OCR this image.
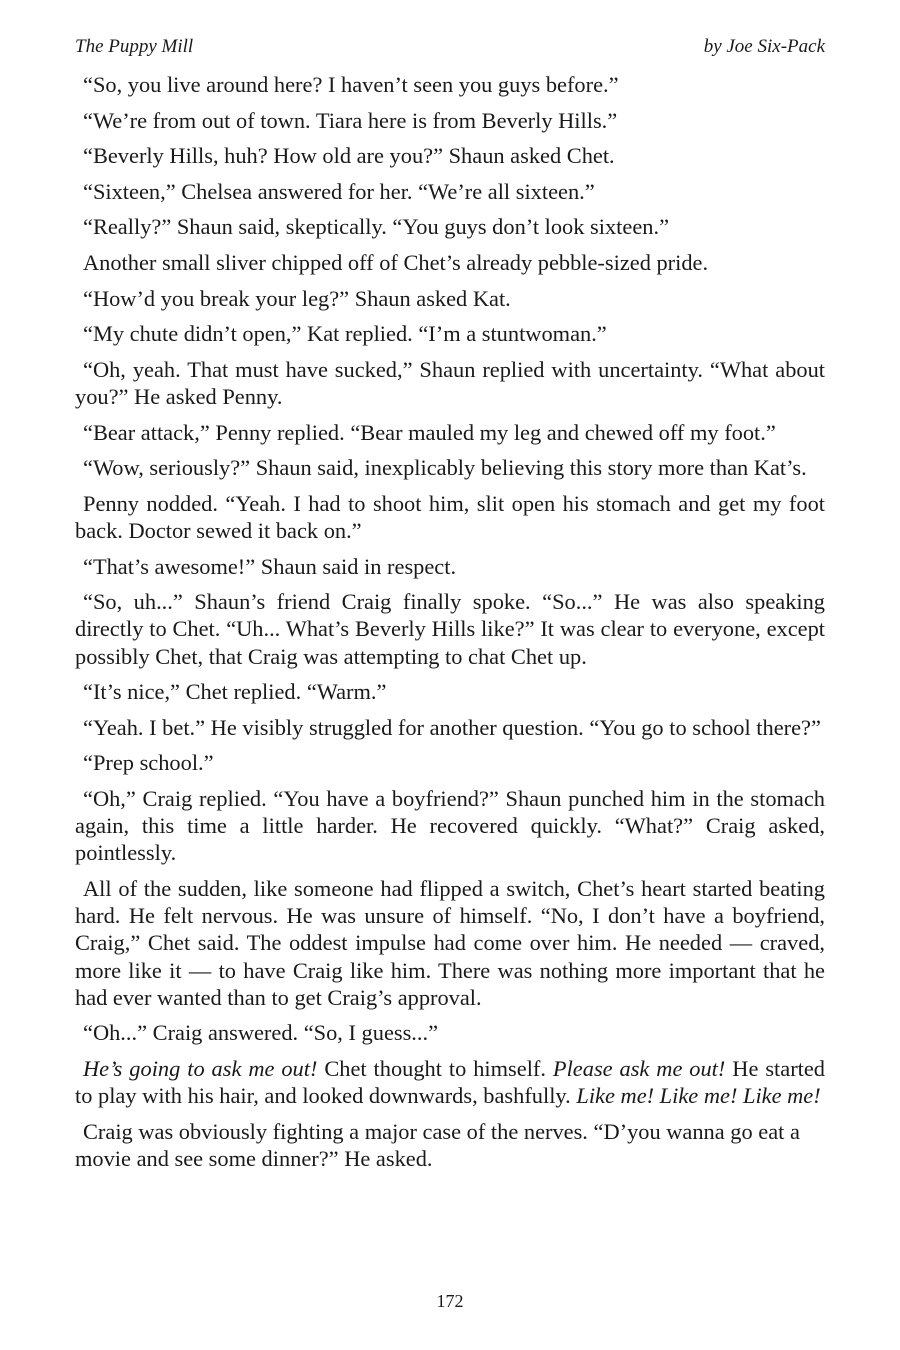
The Puppy Mill	by Joe Six-Pack

“So, you live around here? I haven’t seen you guys before.”

“We’re from out of town. Tiara here is from Beverly Hills.”

“Beverly Hills, huh? How old are you?” Shaun asked Chet.

“Sixteen,” Chelsea answered for her. “We’re all sixteen.”

“Really?” Shaun said, skeptically. “You guys don’t look sixteen.”

Another small sliver chipped off of Chet’s already pebble-sized pride.

“How’d you break your leg?” Shaun asked Kat.

“My chute didn’t open,” Kat replied. “I’m a stuntwoman.”

“Oh, yeah. That must have sucked,” Shaun replied with uncertainty. “What about you?” He asked Penny.

“Bear attack,” Penny replied. “Bear mauled my leg and chewed off my foot.”

“Wow, seriously?” Shaun said, inexplicably believing this story more than Kat’s.

Penny nodded. “Yeah. I had to shoot him, slit open his stomach and get my foot back. Doctor sewed it back on.”

“That’s awesome!” Shaun said in respect.

“So, uh...” Shaun’s friend Craig finally spoke. “So...” He was also speaking directly to Chet. “Uh... What’s Beverly Hills like?” It was clear to everyone, except possibly Chet, that Craig was attempting to chat Chet up.

“It’s nice,” Chet replied. “Warm.”

“Yeah. I bet.” He visibly struggled for another question. “You go to school there?”

“Prep school.”

“Oh,” Craig replied. “You have a boyfriend?” Shaun punched him in the stomach again, this time a little harder. He recovered quickly. “What?” Craig asked, pointlessly.

All of the sudden, like someone had flipped a switch, Chet’s heart started beating hard. He felt nervous. He was unsure of himself. “No, I don’t have a boyfriend, Craig,” Chet said. The oddest impulse had come over him. He needed — craved, more like it — to have Craig like him. There was nothing more important that he had ever wanted than to get Craig’s approval.

“Oh...” Craig answered. “So, I guess...”

He’s going to ask me out! Chet thought to himself. Please ask me out! He started to play with his hair, and looked downwards, bashfully. Like me! Like me! Like me!

Craig was obviously fighting a major case of the nerves. “D’you wanna go eat a movie and see some dinner?” He asked.

172
